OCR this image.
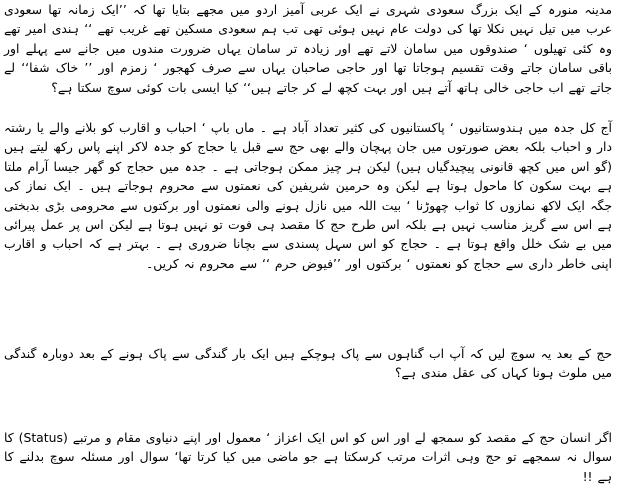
مدینہ منورہ کے ایک بزرگ سعودی شہری نے ایک عربی آمیز اردو میں مجھے بتایا تھا کہ ’’ایک زمانہ تھا سعودی عرب میں تیل نہیں نکلا تھا کی دولت عام نہیں ہوئی تھی تب ہم سعودی مسکین تھے غریب تھے ‘‘ ہندی امیر تھے وہ کئی تھیلوں ‘ صندوقوں میں سامان لاتے تھے اور زیادہ تر سامان یہاں ضرورت مندوں میں جانے سے پہلے اور باقی سامان جاتے وقت تقسیم ہوجاتا تھا اور حاجی صاحبان یہاں سے صرف کھجور ‘ زمزم اور ’’ خاک شفا‘‘ لے جاتے تھے اب حاجی خالی ہاتھ آتے ہیں اور بہت کچھ لے کر جاتے ہیں‘‘ کیا ایسی بات کوئی سوچ سکتا ہے؟

آج کل جدہ میں ہندوستانیوں ‘ پاکستانیوں کی کثیر تعداد آباد ہے ۔ ماں باپ ‘ احباب و اقارب کو بلانے والے یا رشتہ دار و احباب بلکہ بعض صورتوں میں جان پہچان والے بھی حج سے قبل یا حجاج کو جدہ لاکر اپنے پاس رکھ لیتے ہیں (گو اس میں کچھ قانونی پیچیدگیاں ہیں) لیکن ہر چیز ممکن ہوجاتی ہے ۔ جدہ میں حجاج کو گھر جیسا آرام ملتا ہے بہت سکون کا ماحول ہوتا ہے لیکن وہ حرمین شریفین کی نعمتوں سے محروم ہوجاتے ہیں ۔ ایک نماز کی جگہ ایک لاکھ نمازوں کا ثواب چھوڑنا ‘ بیت اللہ میں نازل ہونے والی نعمتوں اور برکتوں سے محرومی بڑی بدبختی ہے اس سے گریز مناسب نہیں ہے بلکہ اس طرح حج کا مقصد ہی فوت تو نہیں ہوتا ہے لیکن اس پر عمل پیرائی میں بے شک خلل واقع ہوتا ہے ۔ حجاج کو اس سہل پسندی سے بچانا ضروری ہے ۔ بہتر ہے کہ احباب و اقارب اپنی خاطر داری سے حجاج کو نعمتوں ‘ برکتوں اور ’’فیوض حرم ‘‘ سے محروم نہ کریں۔

حج کے بعد یہ سوچ لیں کہ آپ اب گناہوں سے پاک ہوچکے ہیں ایک بار گندگی سے پاک ہونے کے بعد دوبارہ گندگی میں ملوث ہونا کہاں کی عقل مندی ہے؟

اگر انسان حج کے مقصد کو سمجھ لے اور اس کو اس ایک اعزاز ‘ معمول اور اپنے دنیاوی مقام و مرتبے (Status) کا سوال نہ سمجھے تو حج وہی اثرات مرتب کرسکتا ہے جو ماضی میں کیا کرتا تھا‘ سوال اور مسئلہ سوچ بدلنے کا ہے !!
